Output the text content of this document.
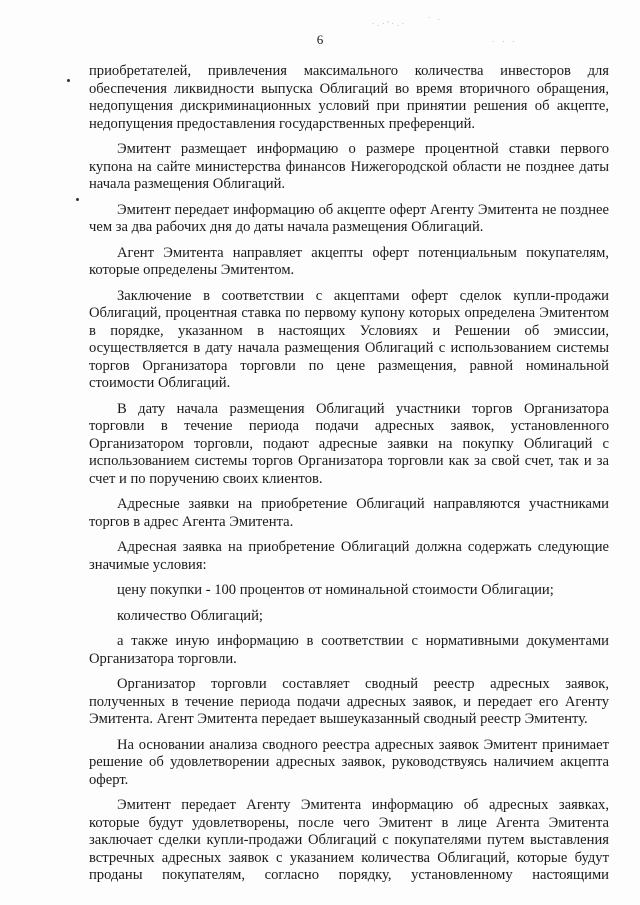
·.·'·.·
· .
· · ·
6

приобретателей, привлечения максимального количества инвесторов для обеспечения ликвидности выпуска Облигаций во время вторичного обращения, недопущения дискриминационных условий при принятии решения об акцепте, недопущения предоставления государственных преференций.

Эмитент размещает информацию о размере процентной ставки первого купона на сайте министерства финансов Нижегородской области не позднее даты начала размещения Облигаций.

Эмитент передает информацию об акцепте оферт Агенту Эмитента не позднее чем за два рабочих дня до даты начала размещения Облигаций.

Агент Эмитента направляет акцепты оферт потенциальным покупателям, которые определены Эмитентом.

Заключение в соответствии с акцептами оферт сделок купли-продажи Облигаций, процентная ставка по первому купону которых определена Эмитентом в порядке, указанном в настоящих Условиях и Решении об эмиссии, осуществляется в дату начала размещения Облигаций с использованием системы торгов Организатора торговли по цене размещения, равной номинальной стоимости Облигаций.

В дату начала размещения Облигаций участники торгов Организатора торговли в течение периода подачи адресных заявок, установленного Организатором торговли, подают адресные заявки на покупку Облигаций с использованием системы торгов Организатора торговли как за свой счет, так и за счет и по поручению своих клиентов.

Адресные заявки на приобретение Облигаций направляются участниками торгов в адрес Агента Эмитента.

Адресная заявка на приобретение Облигаций должна содержать следующие значимые условия:

цену покупки - 100 процентов от номинальной стоимости Облигации;

количество Облигаций;

а также иную информацию в соответствии с нормативными документами Организатора торговли.

Организатор торговли составляет сводный реестр адресных заявок, полученных в течение периода подачи адресных заявок, и передает его Агенту Эмитента. Агент Эмитента передает вышеуказанный сводный реестр Эмитенту.

На основании анализа сводного реестра адресных заявок Эмитент принимает решение об удовлетворении адресных заявок, руководствуясь наличием акцепта оферт.

Эмитент передает Агенту Эмитента информацию об адресных заявках, которые будут удовлетворены, после чего Эмитент в лице Агента Эмитента заключает сделки купли-продажи Облигаций с покупателями путем выставления встречных адресных заявок с указанием количества Облигаций, которые будут проданы покупателям, согласно порядку, установленному настоящими
